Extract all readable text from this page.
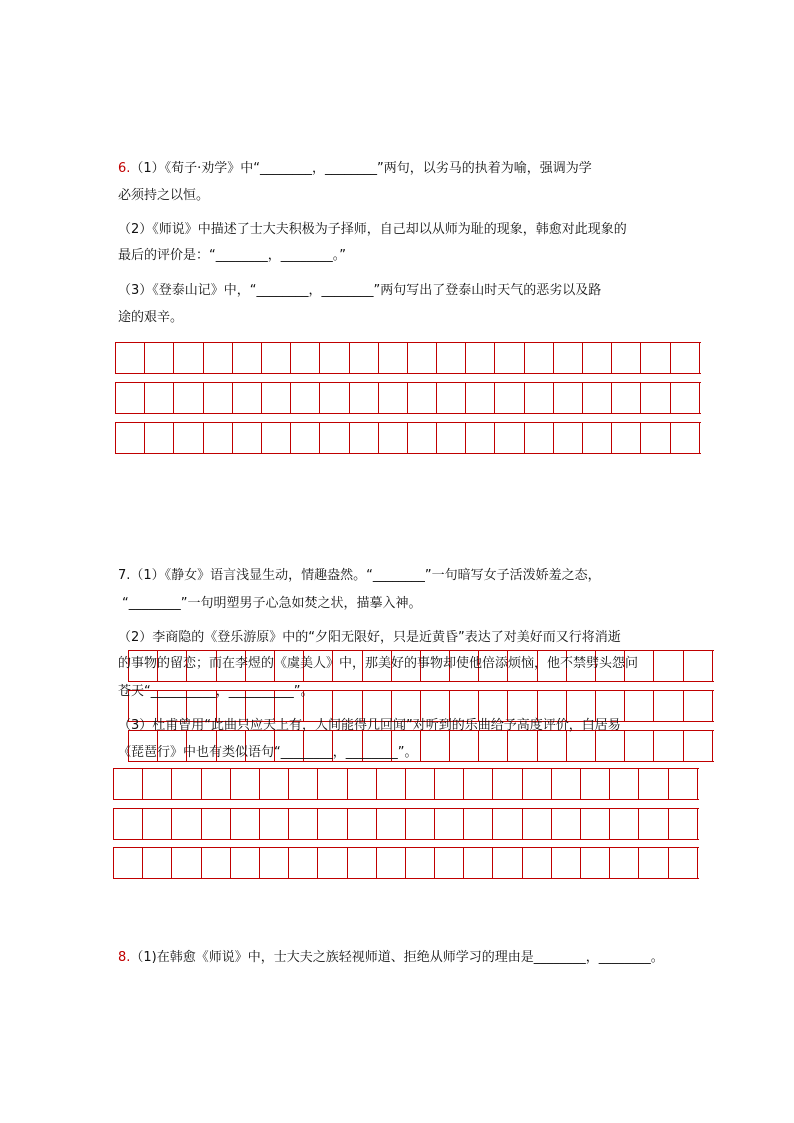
6.（1）《荀子·劝学》中“________，________”两句，以劣马的执着为喻，强调为学
必须持之以恒。
（2）《师说》中描述了士大夫积极为子择师，自己却以从师为耻的现象，韩愈对此现象的
最后的评价是：“________，________。”
（3）《登泰山记》中，“________，________”两句写出了登泰山时天气的恶劣以及路
途的艰辛。
7.（1）《静女》语言浅显生动，情趣盎然。“________”一句暗写女子活泼娇羞之态，
“________”一句明塑男子心急如焚之状，描摹入神。
（2）李商隐的《登乐游原》中的“夕阳无限好，只是近黄昏”表达了对美好而又行将消逝
的事物的留恋；而在李煜的《虞美人》中，那美好的事物却使他倍添烦恼，他不禁劈头怨问
苍天“__________，__________”。
（3）杜甫曾用“此曲只应天上有，人间能得几回闻”对听到的乐曲给予高度评价，白居易
《琵琶行》中也有类似语句“________，________”。
8.（1)在韩愈《师说》中，士大夫之族轻视师道、拒绝从师学习的理由是________，________。
